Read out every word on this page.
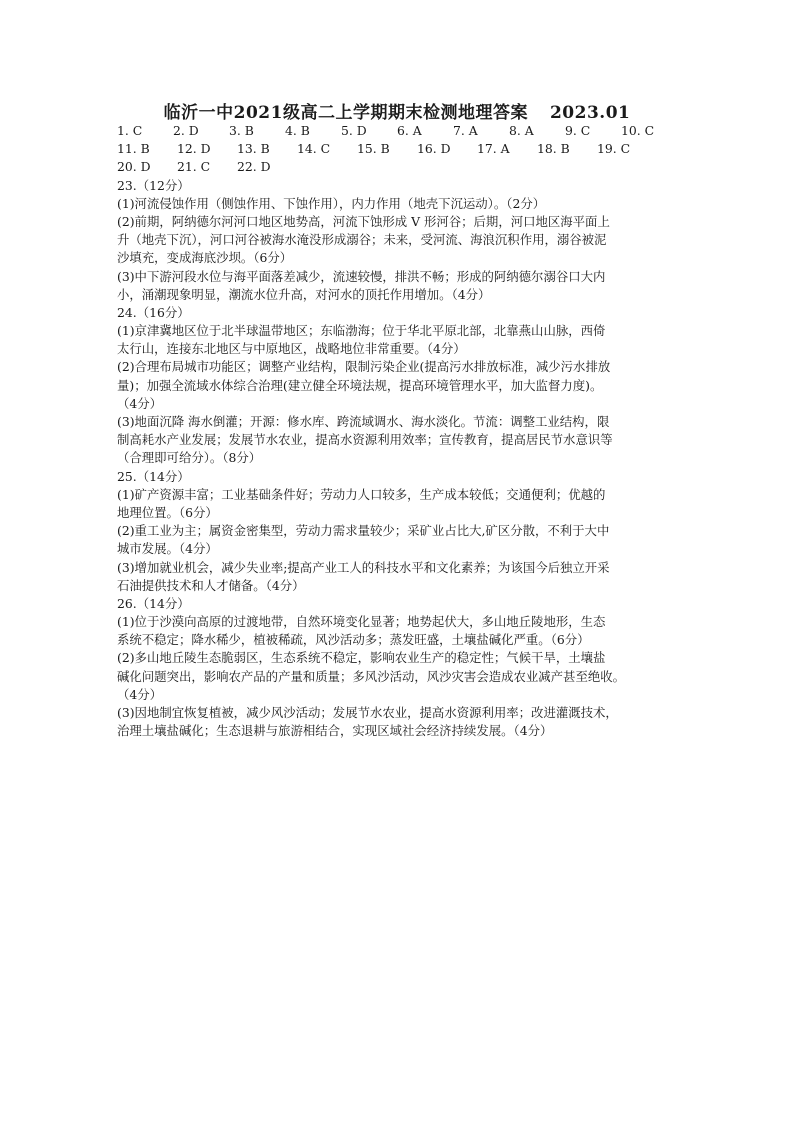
临沂一中2021级高二上学期期末检测地理答案 2023.01
1. C 2. D 3. B	4. B	5. D 6. A	7. A	8. A	9. C 10. C
11. B 12. D 13. B 14. C 15. B 16. D 17. A 18. B 19. C
20. D 21. C 22. D
23.（12分）
(1)河流侵蚀作用（侧蚀作用、下蚀作用），内力作用（地壳下沉运动）。（2分）
(2)前期，阿纳德尔河河口地区地势高，河流下蚀形成 V 形河谷；后期，河口地区海平面上
升（地壳下沉），河口河谷被海水淹没形成溺谷；未来，受河流、海浪沉积作用，溺谷被泥
沙填充，变成海底沙坝。（6分）
(3)中下游河段水位与海平面落差减少，流速较慢，排洪不畅；形成的阿纳德尔溺谷口大内
小，涌潮现象明显，潮流水位升高，对河水的顶托作用增加。（4分）
24.（16分）
(1)京津冀地区位于北半球温带地区；东临渤海；位于华北平原北部，北靠燕山山脉，西倚
太行山，连接东北地区与中原地区，战略地位非常重要。（4分）
(2)合理布局城市功能区；调整产业结构，限制污染企业(提高污水排放标准，减少污水排放
量)；加强全流域水体综合治理(建立健全环境法规，提高环境管理水平，加大监督力度)。
（4分）
(3)地面沉降 海水倒灌；开源：修水库、跨流域调水、海水淡化。节流：调整工业结构，限
制高耗水产业发展；发展节水农业，提高水资源利用效率；宣传教育，提高居民节水意识等
（合理即可给分）。（8分）
25.（14分）
(1)矿产资源丰富；工业基础条件好；劳动力人口较多，生产成本较低；交通便利；优越的
地理位置。（6分）
(2)重工业为主；属资金密集型，劳动力需求量较少；采矿业占比大,矿区分散，不利于大中
城市发展。（4分）
(3)增加就业机会，减少失业率;提高产业工人的科技水平和文化素养；为该国今后独立开采
石油提供技术和人才储备。（4分）
26.（14分）
(1)位于沙漠向高原的过渡地带，自然环境变化显著；地势起伏大，多山地丘陵地形，生态
系统不稳定；降水稀少，植被稀疏，风沙活动多；蒸发旺盛，土壤盐碱化严重。（6分）
(2)多山地丘陵生态脆弱区，生态系统不稳定，影响农业生产的稳定性；气候干旱，土壤盐
碱化问题突出，影响农产品的产量和质量；多风沙活动，风沙灾害会造成农业减产甚至绝收。
（4分）
(3)因地制宜恢复植被，减少风沙活动；发展节水农业，提高水资源利用率；改进灌溉技术，
治理土壤盐碱化；生态退耕与旅游相结合，实现区域社会经济持续发展。（4分）
